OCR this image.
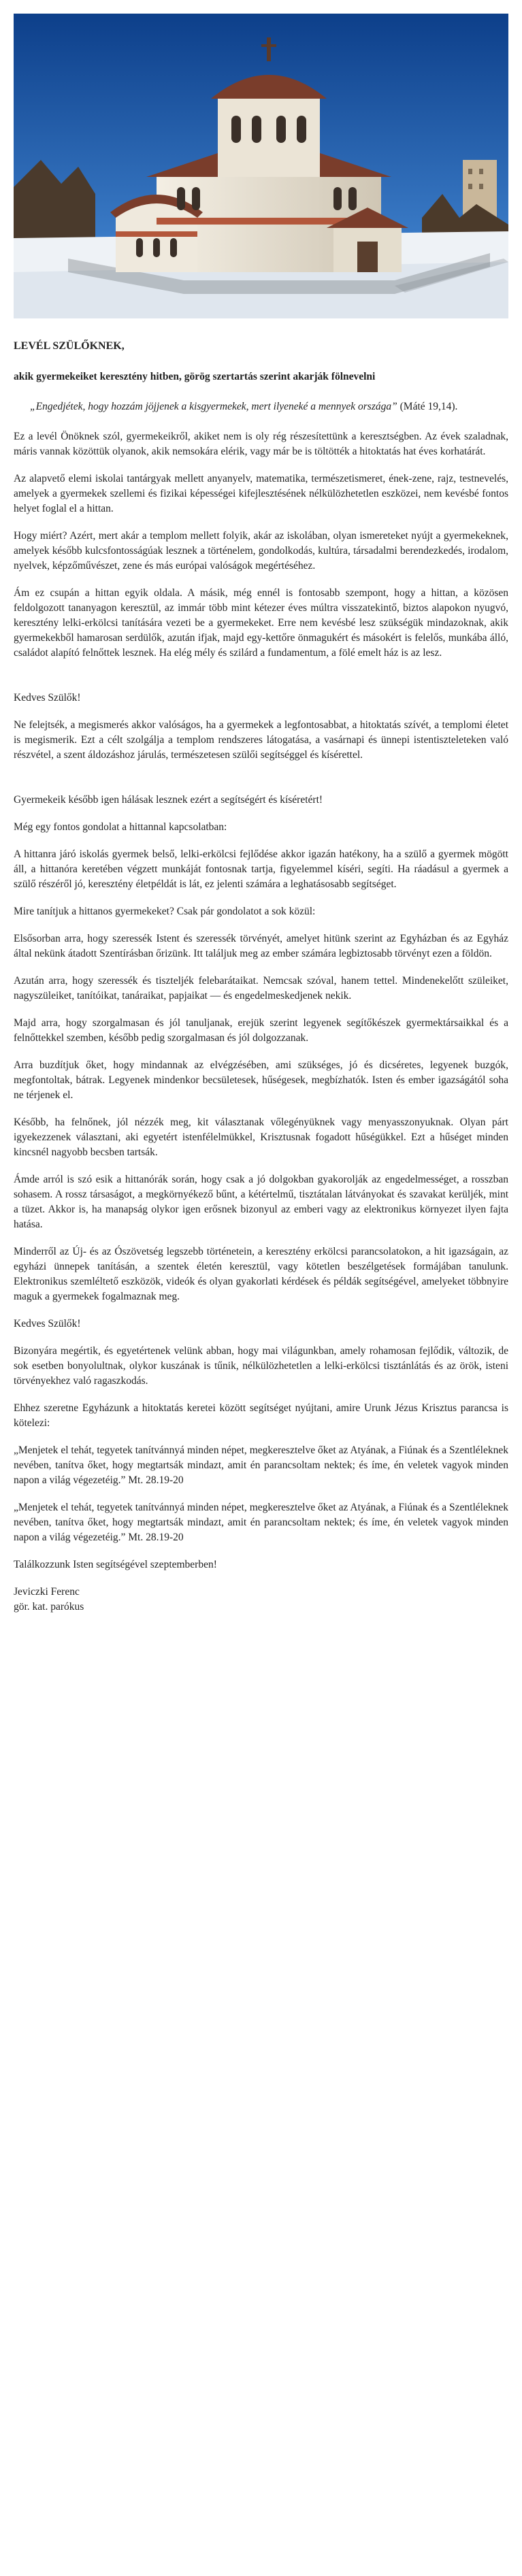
LEVÉL SZÜLŐKNEK,

akik gyermekeiket keresztény hitben, görög szertartás szerint akarják fölnevelni

„Engedjétek, hogy hozzám jöjjenek a kisgyermekek, mert ilyeneké a mennyek országa” (Máté 19,14).

Ez a levél Önöknek szól, gyermekeikről, akiket nem is oly rég részesítettünk a keresztségben. Az évek szaladnak, máris vannak közöttük olyanok, akik nemsokára elérik, vagy már be is töltötték a hitoktatás hat éves korhatárát.

Az alapvető elemi iskolai tantárgyak mellett anyanyelv, matematika, természetismeret, ének-zene, rajz, testnevelés, amelyek a gyermekek szellemi és fizikai képességei kifejlesztésének nélkülözhetetlen eszközei, nem kevésbé fontos helyet foglal el a hittan.

Hogy miért? Azért, mert akár a templom mellett folyik, akár az iskolában, olyan ismereteket nyújt a gyermekeknek, amelyek később kulcsfontosságúak lesznek a történelem, gondolkodás, kultúra, társadalmi berendezkedés, irodalom, nyelvek, képzőművészet, zene és más európai valóságok megértéséhez.

Ám ez csupán a hittan egyik oldala. A másik, még ennél is fontosabb szempont, hogy a hittan, a közösen feldolgozott tananyagon keresztül, az immár több mint kétezer éves múltra visszatekintő, biztos alapokon nyugvó, keresztény lelki-erkölcsi tanítására vezeti be a gyermekeket. Erre nem kevésbé lesz szükségük mindazoknak, akik gyermekekből hamarosan serdülők, azután ifjak, majd egy-kettőre önmagukért és másokért is felelős, munkába álló, családot alapító felnőttek lesznek. Ha elég mély és szilárd a fundamentum, a fölé emelt ház is az lesz.

Kedves Szülők!

Ne felejtsék, a megismerés akkor valóságos, ha a gyermekek a legfontosabbat, a hitoktatás szívét, a templomi életet is megismerik. Ezt a célt szolgálja a templom rendszeres látogatása, a vasárnapi és ünnepi istentiszteleteken való részvétel, a szent áldozáshoz járulás, természetesen szülői segítséggel és kísérettel.

Gyermekeik később igen hálásak lesznek ezért a segítségért és kíséretért!

Még egy fontos gondolat a hittannal kapcsolatban:

A hittanra járó iskolás gyermek belső, lelki-erkölcsi fejlődése akkor igazán hatékony, ha a szülő a gyermek mögött áll, a hittanóra keretében végzett munkáját fontosnak tartja, figyelemmel kíséri, segíti. Ha ráadásul a gyermek a szülő részéről jó, keresztény életpéldát is lát, ez jelenti számára a leghatásosabb segítséget.

Mire tanítjuk a hittanos gyermekeket? Csak pár gondolatot a sok közül:

Elsősorban arra, hogy szeressék Istent és szeressék törvényét, amelyet hitünk szerint az Egyházban és az Egyház által nekünk átadott Szentírásban őrizünk. Itt találjuk meg az ember számára legbiztosabb törvényt ezen a földön.

Azután arra, hogy szeressék és tiszteljék felebarátaikat. Nemcsak szóval, hanem tettel. Mindenekelőtt szüleiket, nagyszüleiket, tanítóikat, tanáraikat, papjaikat — és engedelmeskedjenek nekik.

Majd arra, hogy szorgalmasan és jól tanuljanak, erejük szerint legyenek segítőkészek gyermektársaikkal és a felnőttekkel szemben, később pedig szorgalmasan és jól dolgozzanak.

Arra buzdítjuk őket, hogy mindannak az elvégzésében, ami szükséges, jó és dicséretes, legyenek buzgók, megfontoltak, bátrak. Legyenek mindenkor becsületesek, hűségesek, megbízhatók. Isten és ember igazságától soha ne térjenek el.

Később, ha felnőnek, jól nézzék meg, kit választanak vőlegényüknek vagy menyasszonyuknak. Olyan párt igyekezzenek választani, aki egyetért istenfélelmükkel, Krisztusnak fogadott hűségükkel. Ezt a hűséget minden kincsnél nagyobb becsben tartsák.

Ámde arról is szó esik a hittanórák során, hogy csak a jó dolgokban gyakorolják az engedelmességet, a rosszban sohasem. A rossz társaságot, a megkörnyékező bűnt, a kétértelmű, tisztátalan látványokat és szavakat kerüljék, mint a tüzet. Akkor is, ha manapság olykor igen erősnek bizonyul az emberi vagy az elektronikus környezet ilyen fajta hatása.

Minderről az Új- és az Ószövetség legszebb történetein, a keresztény erkölcsi parancsolatokon, a hit igazságain, az egyházi ünnepek tanításán, a szentek életén keresztül, vagy kötetlen beszélgetések formájában tanulunk. Elektronikus szemléltető eszközök, videók és olyan gyakorlati kérdések és példák segítségével, amelyeket többnyire maguk a gyermekek fogalmaznak meg.

Kedves Szülők!

Bizonyára megértik, és egyetértenek velünk abban, hogy mai világunkban, amely rohamosan fejlődik, változik, de sok esetben bonyolultnak, olykor kuszának is tűnik, nélkülözhetetlen a lelki-erkölcsi tisztánlátás és az örök, isteni törvényekhez való ragaszkodás.

Ehhez szeretne Egyházunk a hitoktatás keretei között segítséget nyújtani, amire Urunk Jézus Krisztus parancsa is kötelezi:

„Menjetek el tehát, tegyetek tanítvánnyá minden népet, megkeresztelve őket az Atyának, a Fiúnak és a Szentléleknek nevében, tanítva őket, hogy megtartsák mindazt, amit én parancsoltam nektek; és íme, én veletek vagyok minden napon a világ végezetéig.” Mt. 28.19-20

„Menjetek el tehát, tegyetek tanítvánnyá minden népet, megkeresztelve őket az Atyának, a Fiúnak és a Szentléleknek nevében, tanítva őket, hogy megtartsák mindazt, amit én parancsoltam nektek; és íme, én veletek vagyok minden napon a világ végezetéig.” Mt. 28.19-20

Találkozzunk Isten segítségével szeptemberben!

Jeviczki Ferenc

gör. kat. parókus
